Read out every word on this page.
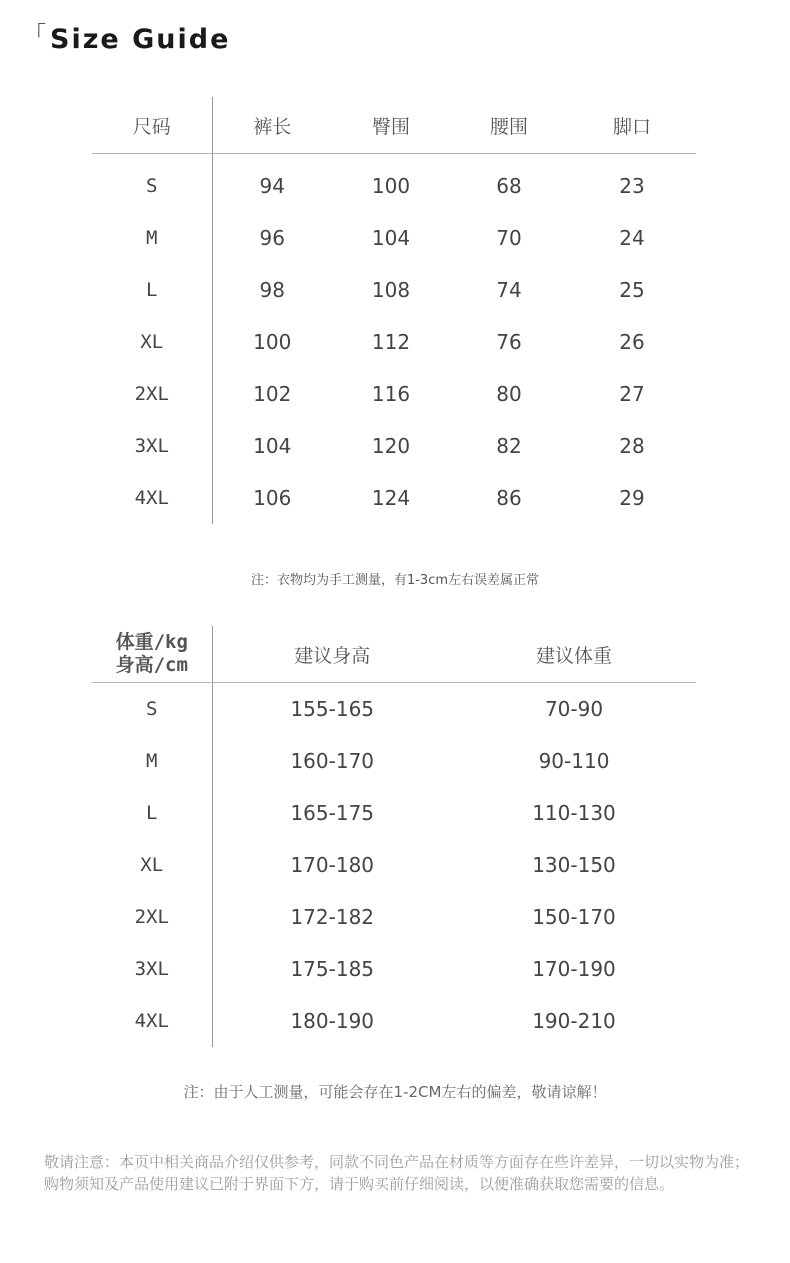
「Size Guide
尺码	裤长	臀围	腰围	脚口
S	94	100	68	23
M	96	104	70	24
L	98	108	74	25
XL	100	112	76	26
2XL	102	116	80	27
3XL	104	120	82	28
4XL	106	124	86	29
注：衣物均为手工测量，有1-3cm左右误差属正常
体重/kg
身高/cm	建议身高	建议体重
S	155-165	70-90
M	160-170	90-110
L	165-175	110-130
XL	170-180	130-150
2XL	172-182	150-170
3XL	175-185	170-190
4XL	180-190	190-210
注：由于人工测量，可能会存在1-2CM左右的偏差，敬请谅解！
敬请注意：本页中相关商品介绍仅供参考，同款不同色产品在材质等方面存在些许差异，一切以实物为准；购物须知及产品使用建议已附于界面下方，请于购买前仔细阅读，以便准确获取您需要的信息。
